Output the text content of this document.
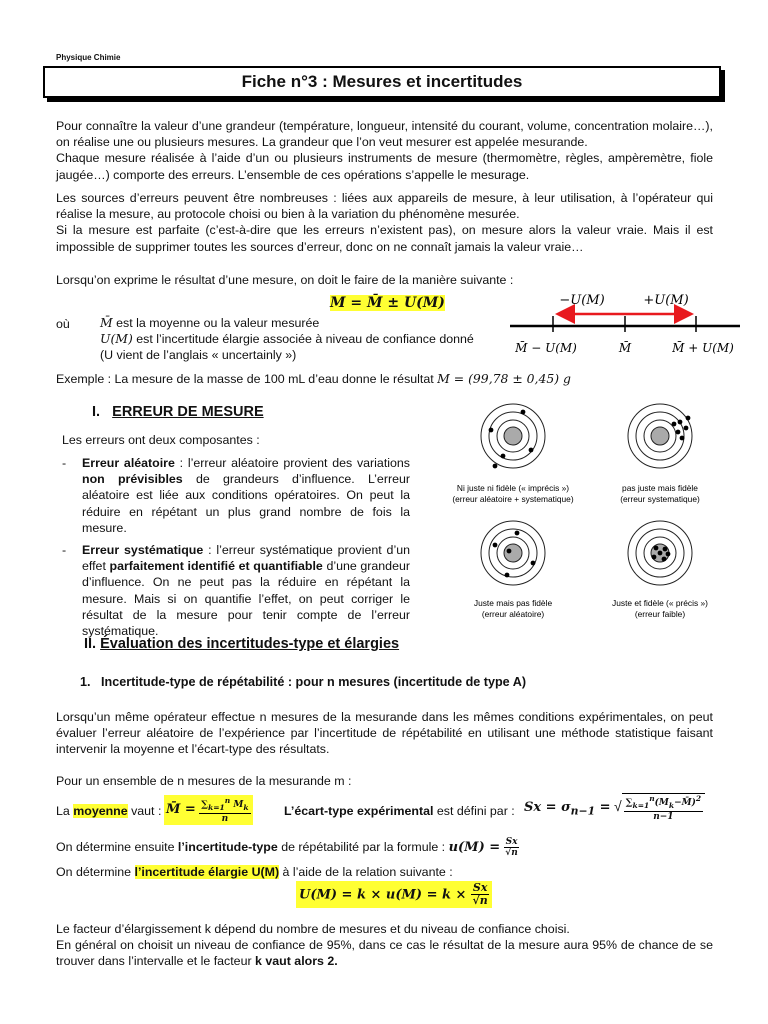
Physique Chimie
Fiche n°3 : Mesures et incertitudes
Pour connaître la valeur d’une grandeur (température, longueur, intensité du courant, volume, concentration molaire…), on réalise une ou plusieurs mesures. La grandeur que l’on veut mesurer est appelée mesurande.
Chaque mesure réalisée à l’aide d’un ou plusieurs instruments de mesure (thermomètre, règles, ampèremètre, fiole jaugée…) comporte des erreurs. L’ensemble de ces opérations s’appelle le mesurage.
Les sources d’erreurs peuvent être nombreuses : liées aux appareils de mesure, à leur utilisation, à l’opérateur qui réalise la mesure, au protocole choisi ou bien à la variation du phénomène mesurée.
Si la mesure est parfaite (c’est-à-dire que les erreurs n’existent pas), on mesure alors la valeur vraie. Mais il est impossible de supprimer toutes les sources d’erreur, donc on ne connaît jamais la valeur vraie…
Lorsqu’on exprime le résultat d’une mesure, on doit le faire de la manière suivante :
M = M̄ ± U(M)
où M̄ est la moyenne ou la valeur mesurée
U(M) est l’incertitude élargie associée à niveau de confiance donné
(U vient de l’anglais « uncertainly »)
−U(M)	+U(M)
M̄ − U(M)	M̄	M̄ + U(M)
Exemple : La mesure de la masse de 100 mL d’eau donne le résultat M = (99,78 ± 0,45) g
I. ERREUR DE MESURE
Les erreurs ont deux composantes :
- Erreur aléatoire : l’erreur aléatoire provient des variations non prévisibles de grandeurs d’influence. L’erreur aléatoire est liée aux conditions opératoires. On peut la réduire en répétant un plus grand nombre de fois la mesure.
- Erreur systématique : l’erreur systématique provient d’un effet parfaitement identifié et quantifiable d’une grandeur d’influence. On ne peut pas la réduire en répétant la mesure. Mais si on quantifie l’effet, on peut corriger le résultat de la mesure pour tenir compte de l’erreur systématique.
Ni juste ni fidèle (« imprécis »)
(erreur aléatoire + systematique)
pas juste mais fidèle
(erreur systematique)
Juste mais pas fidèle
(erreur aléatoire)
Juste et fidèle (« précis »)
(erreur faible)
II. Évaluation des incertitudes-type et élargies
1. Incertitude-type de répétabilité : pour n mesures (incertitude de type A)
Lorsqu’un même opérateur effectue n mesures de la mesurande dans les mêmes conditions expérimentales, on peut évaluer l’erreur aléatoire de l’expérience par l’incertitude de répétabilité en utilisant une méthode statistique faisant intervenir la moyenne et l’écart-type des résultats.
Pour un ensemble de n mesures de la mesurande m :
La moyenne vaut : M̄ = $\frac{\sum_{k=1}^n M_k}{n}$	L’écart-type expérimental est défini par : $Sx = \sigma_{n-1}$ = √ $\frac{\sum_{k=1}^n(M_k-M̄)^2}{n-1}$
On détermine ensuite l’incertitude-type de répétabilité par la formule : $u(M) = \frac{Sx}{√n}$
On détermine l’incertitude élargie U(M) à l’aide de la relation suivante :
$U(M) = k \times u(M) = k \times \frac{Sx}{√n}$
Le facteur d’élargissement k dépend du nombre de mesures et du niveau de confiance choisi.
En général on choisit un niveau de confiance de 95%, dans ce cas le résultat de la mesure aura 95% de chance de se trouver dans l’intervalle et le facteur k vaut alors 2.
